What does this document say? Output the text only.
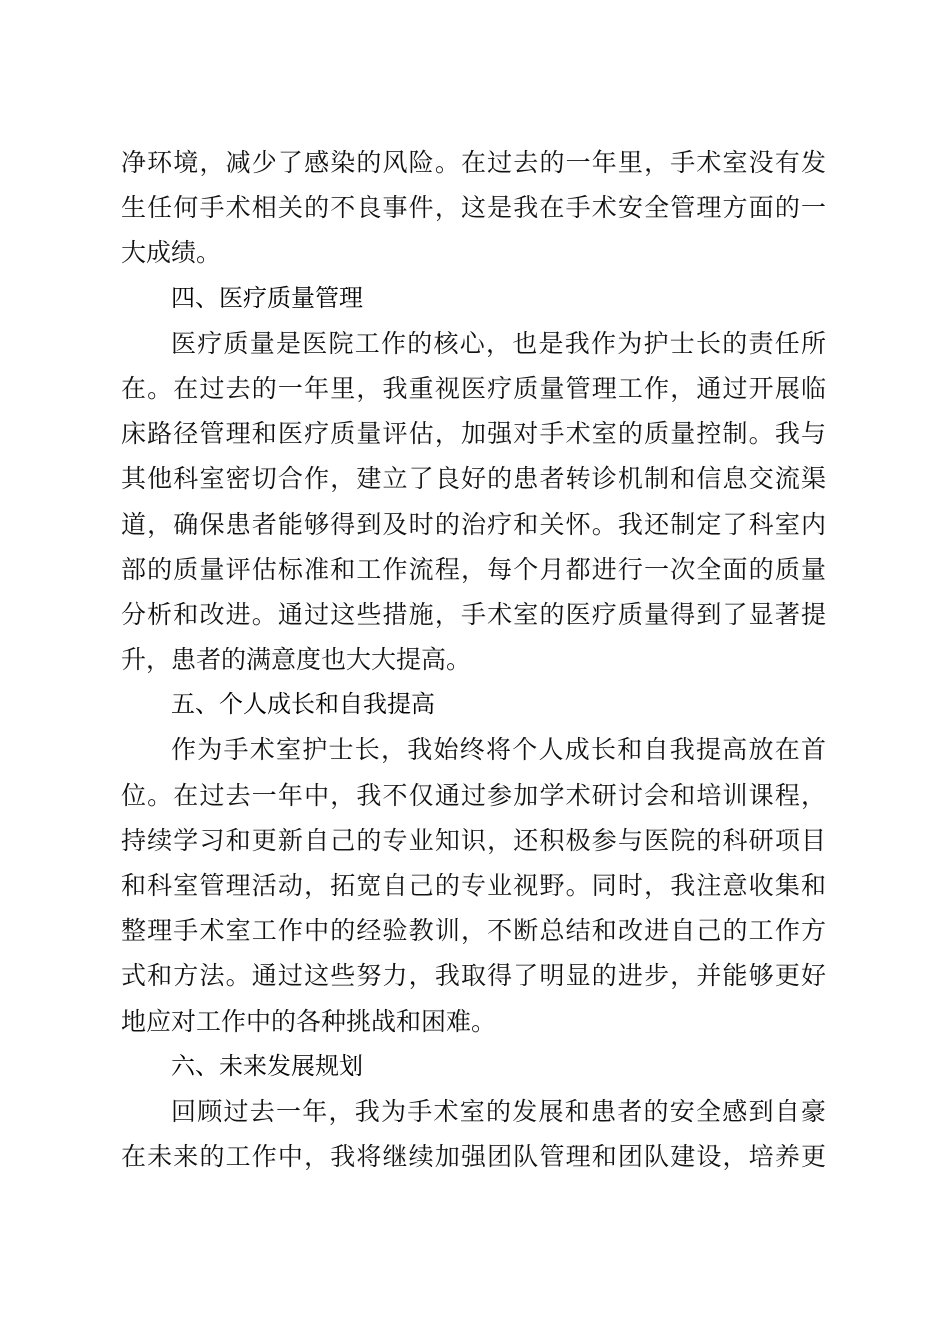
净环境，减少了感染的风险。在过去的一年里，手术室没有发
生任何手术相关的不良事件，这是我在手术安全管理方面的一
大成绩。
四、医疗质量管理
医疗质量是医院工作的核心，也是我作为护士长的责任所
在。在过去的一年里，我重视医疗质量管理工作，通过开展临
床路径管理和医疗质量评估，加强对手术室的质量控制。我与
其他科室密切合作，建立了良好的患者转诊机制和信息交流渠
道，确保患者能够得到及时的治疗和关怀。我还制定了科室内
部的质量评估标准和工作流程，每个月都进行一次全面的质量
分析和改进。通过这些措施，手术室的医疗质量得到了显著提
升，患者的满意度也大大提高。
五、个人成长和自我提高
作为手术室护士长，我始终将个人成长和自我提高放在首
位。在过去一年中，我不仅通过参加学术研讨会和培训课程，
持续学习和更新自己的专业知识，还积极参与医院的科研项目
和科室管理活动，拓宽自己的专业视野。同时，我注意收集和
整理手术室工作中的经验教训，不断总结和改进自己的工作方
式和方法。通过这些努力，我取得了明显的进步，并能够更好
地应对工作中的各种挑战和困难。
六、未来发展规划
回顾过去一年，我为手术室的发展和患者的安全感到自豪
在未来的工作中，我将继续加强团队管理和团队建设，培养更
